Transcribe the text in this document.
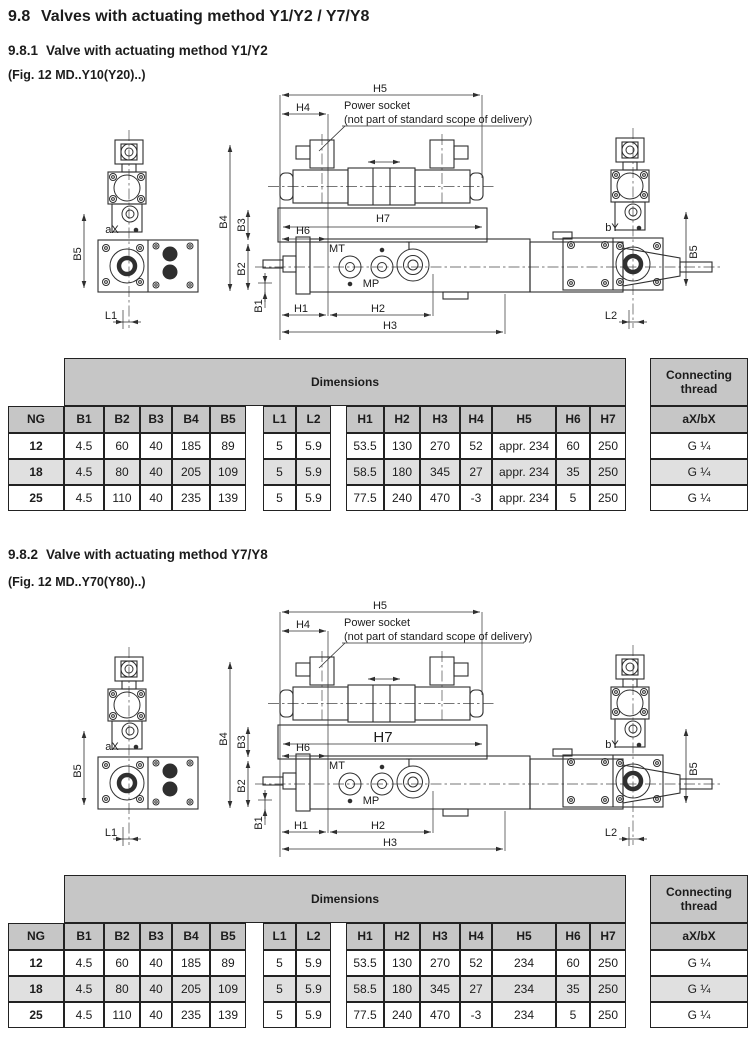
9.8 Valves with actuating method Y1/Y2 / Y7/Y8
9.8.1 Valve with actuating method Y1/Y2
(Fig. 12 MD..Y10(Y20)..)
H5
H4
H7
H6
H1	H2
H3
B4 B3
B2
B1
B5	B5
L1	L2
aX	bY
MT
MP
T
Power socket
(not part of standard scope of delivery)
Dimensions
Connecting thread
NG	B1	B2	B3	B4	B5	L1	L2	H1	H2	H3	H4	H5	H6	H7	aX/bX
12	4.5	60	40	185	89	5	5.9	53.5	130	270	52	appr. 234	60	250	G ¼
18	4.5	80	40	205	109	5	5.9	58.5	180	345	27	appr. 234	35	250	G ¼
25	4.5	110	40	235	139	5	5.9	77.5	240	470	-3	appr. 234	5	250	G ¼
9.8.2 Valve with actuating method Y7/Y8
(Fig. 12 MD..Y70(Y80)..)
H5
H4
H7
H6
H1	H2
H3
B4 B3
B2
B1
B5	B5
L1	L2
aX	bY
MT
MP
T
Power socket
(not part of standard scope of delivery)
Dimensions
Connecting thread
NG	B1	B2	B3	B4	B5	L1	L2	H1	H2	H3	H4	H5	H6	H7	aX/bX
12	4.5	60	40	185	89	5	5.9	53.5	130	270	52	234	60	250	G ¼
18	4.5	80	40	205	109	5	5.9	58.5	180	345	27	234	35	250	G ¼
25	4.5	110	40	235	139	5	5.9	77.5	240	470	-3	234	5	250	G ¼
